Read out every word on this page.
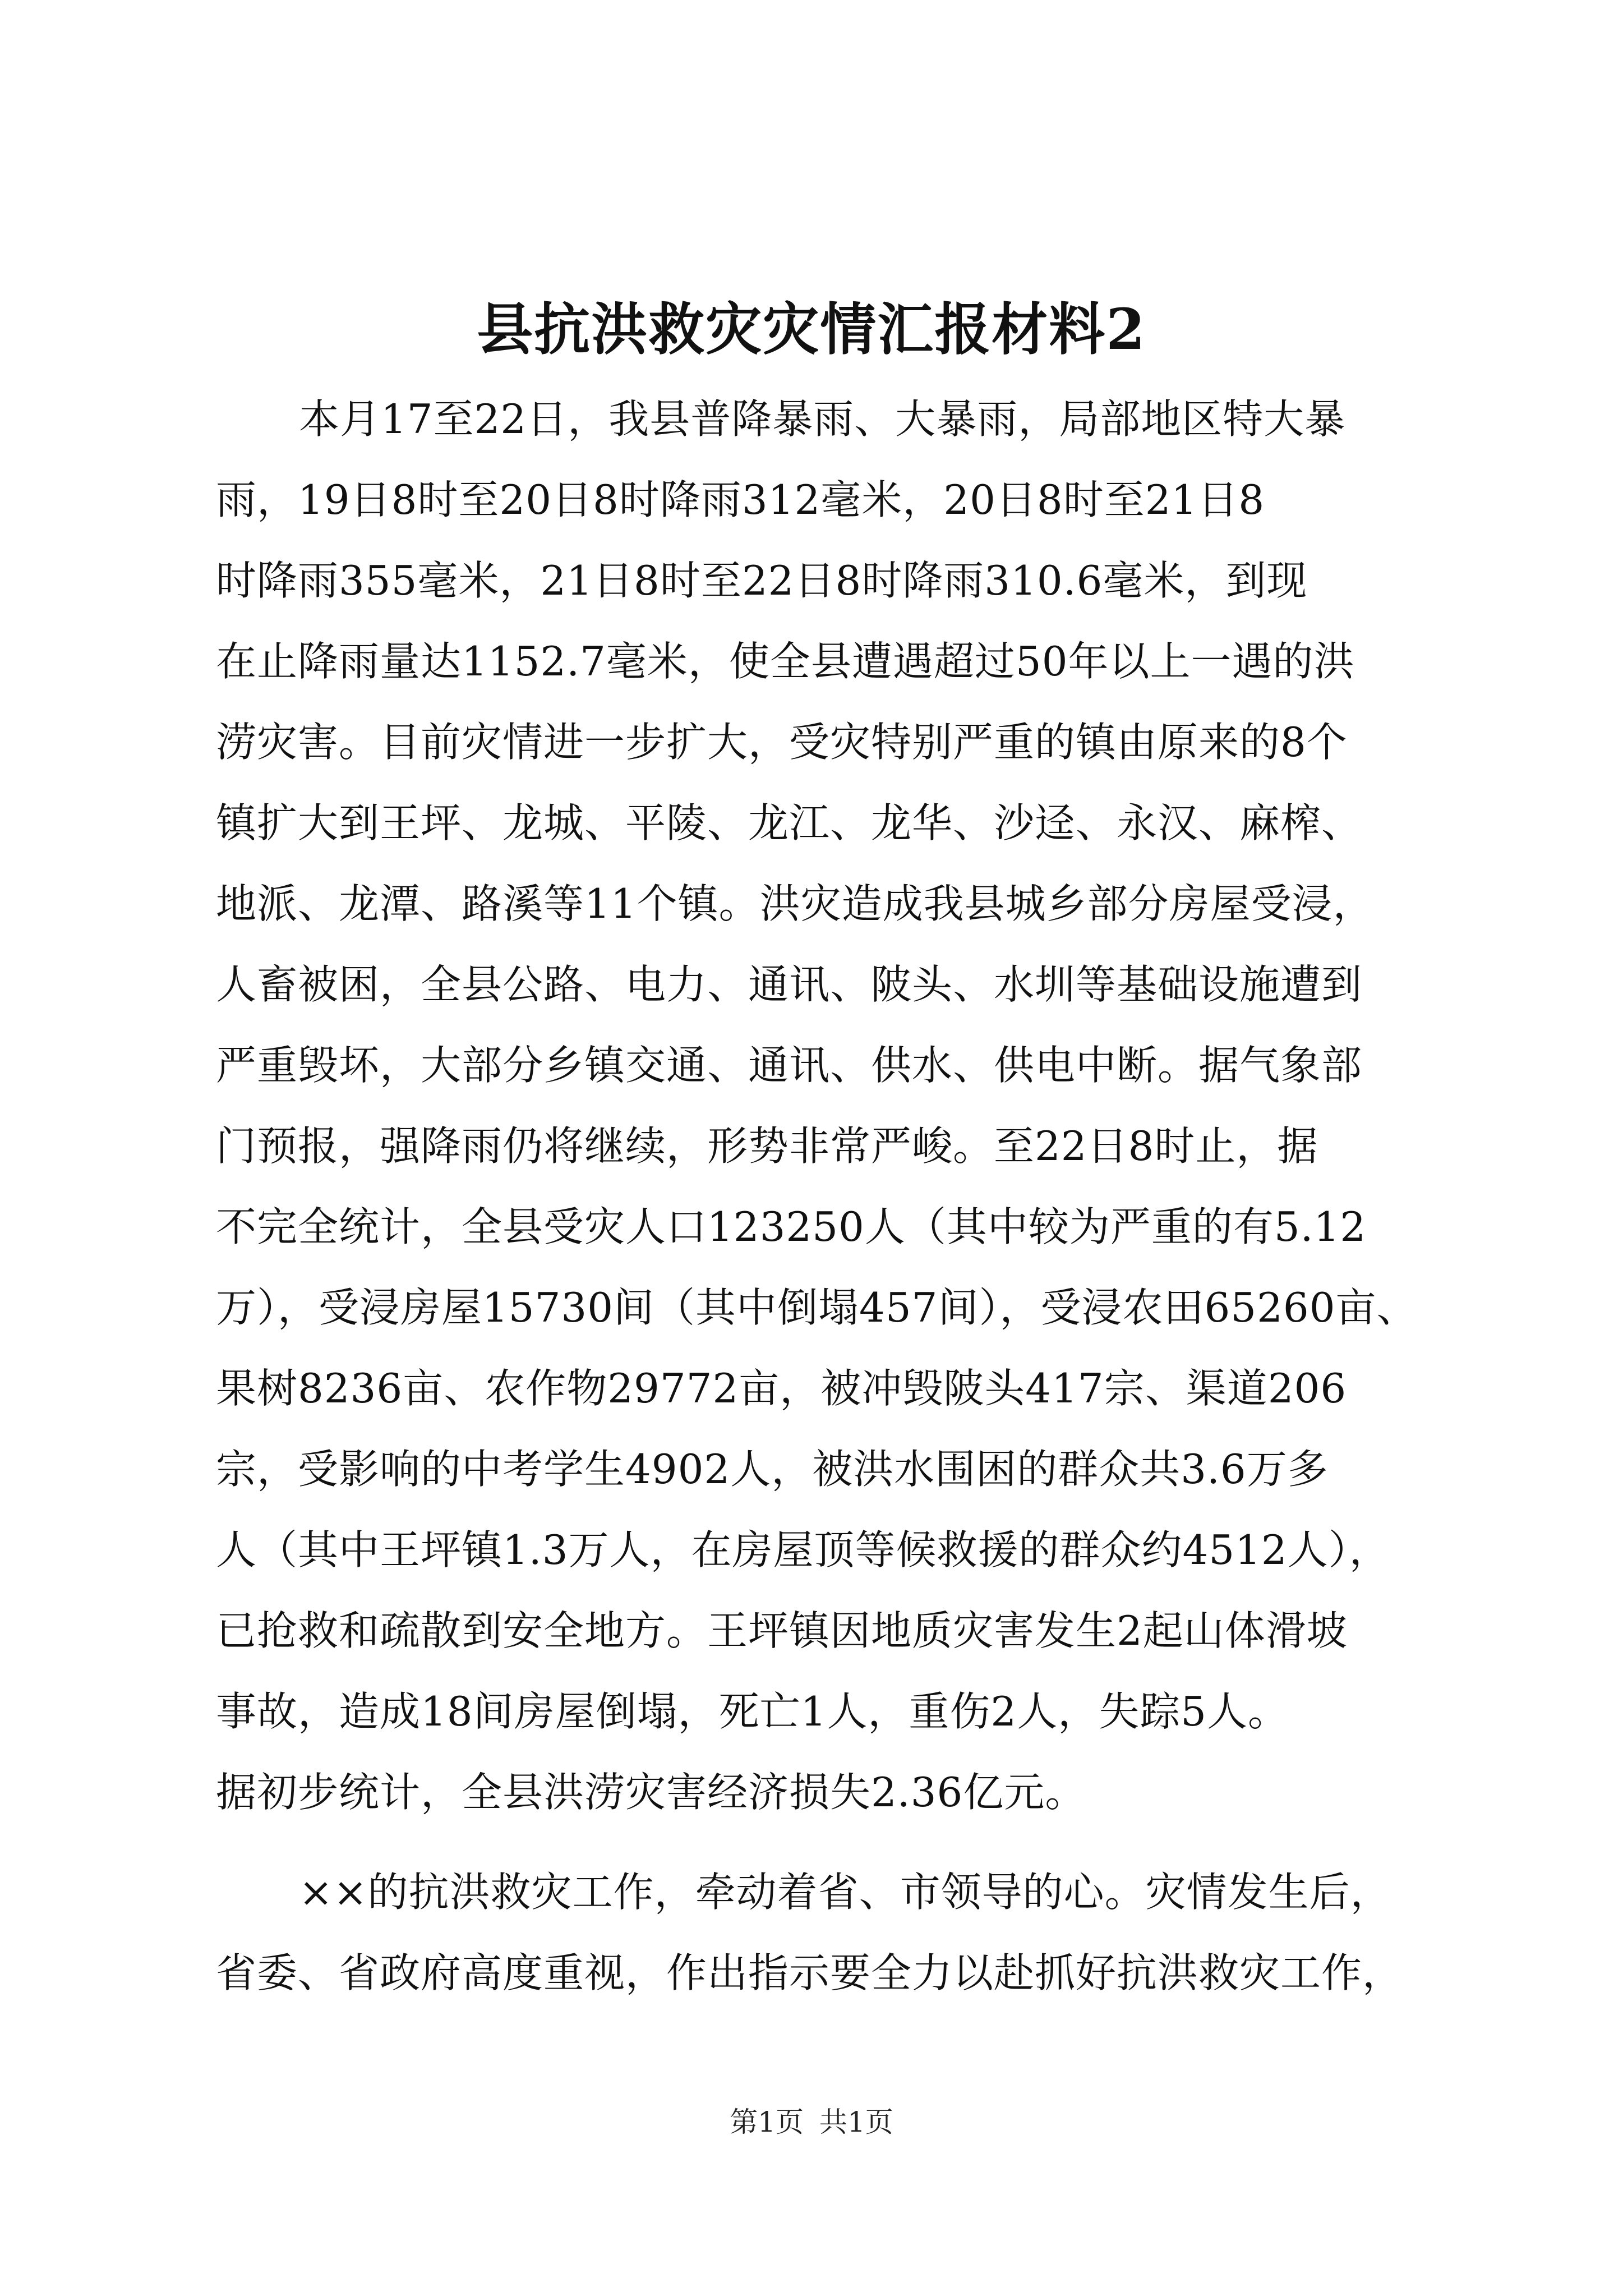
县抗洪救灾灾情汇报材料2
本月17至22日，我县普降暴雨、大暴雨，局部地区特大暴
雨，19日8时至20日8时降雨312毫米，20日8时至21日8
时降雨355毫米，21日8时至22日8时降雨310.6毫米，到现
在止降雨量达1152.7毫米，使全县遭遇超过50年以上一遇的洪
涝灾害。目前灾情进一步扩大，受灾特别严重的镇由原来的8个
镇扩大到王坪、龙城、平陵、龙江、龙华、沙迳、永汉、麻榨、
地派、龙潭、路溪等11个镇。洪灾造成我县城乡部分房屋受浸，
人畜被困，全县公路、电力、通讯、陂头、水圳等基础设施遭到
严重毁坏，大部分乡镇交通、通讯、供水、供电中断。据气象部
门预报，强降雨仍将继续，形势非常严峻。至22日8时止，据
不完全统计，全县受灾人口123250人（其中较为严重的有5.12
万），受浸房屋15730间（其中倒塌457间），受浸农田65260亩、
果树8236亩、农作物29772亩，被冲毁陂头417宗、渠道206
宗，受影响的中考学生4902人，被洪水围困的群众共3.6万多
人（其中王坪镇1.3万人，在房屋顶等候救援的群众约4512人），
已抢救和疏散到安全地方。王坪镇因地质灾害发生2起山体滑坡
事故，造成18间房屋倒塌，死亡1人，重伤2人，失踪5人。
据初步统计，全县洪涝灾害经济损失2.36亿元。
××的抗洪救灾工作，牵动着省、市领导的心。灾情发生后，
省委、省政府高度重视，作出指示要全力以赴抓好抗洪救灾工作，
第1页 共1页
